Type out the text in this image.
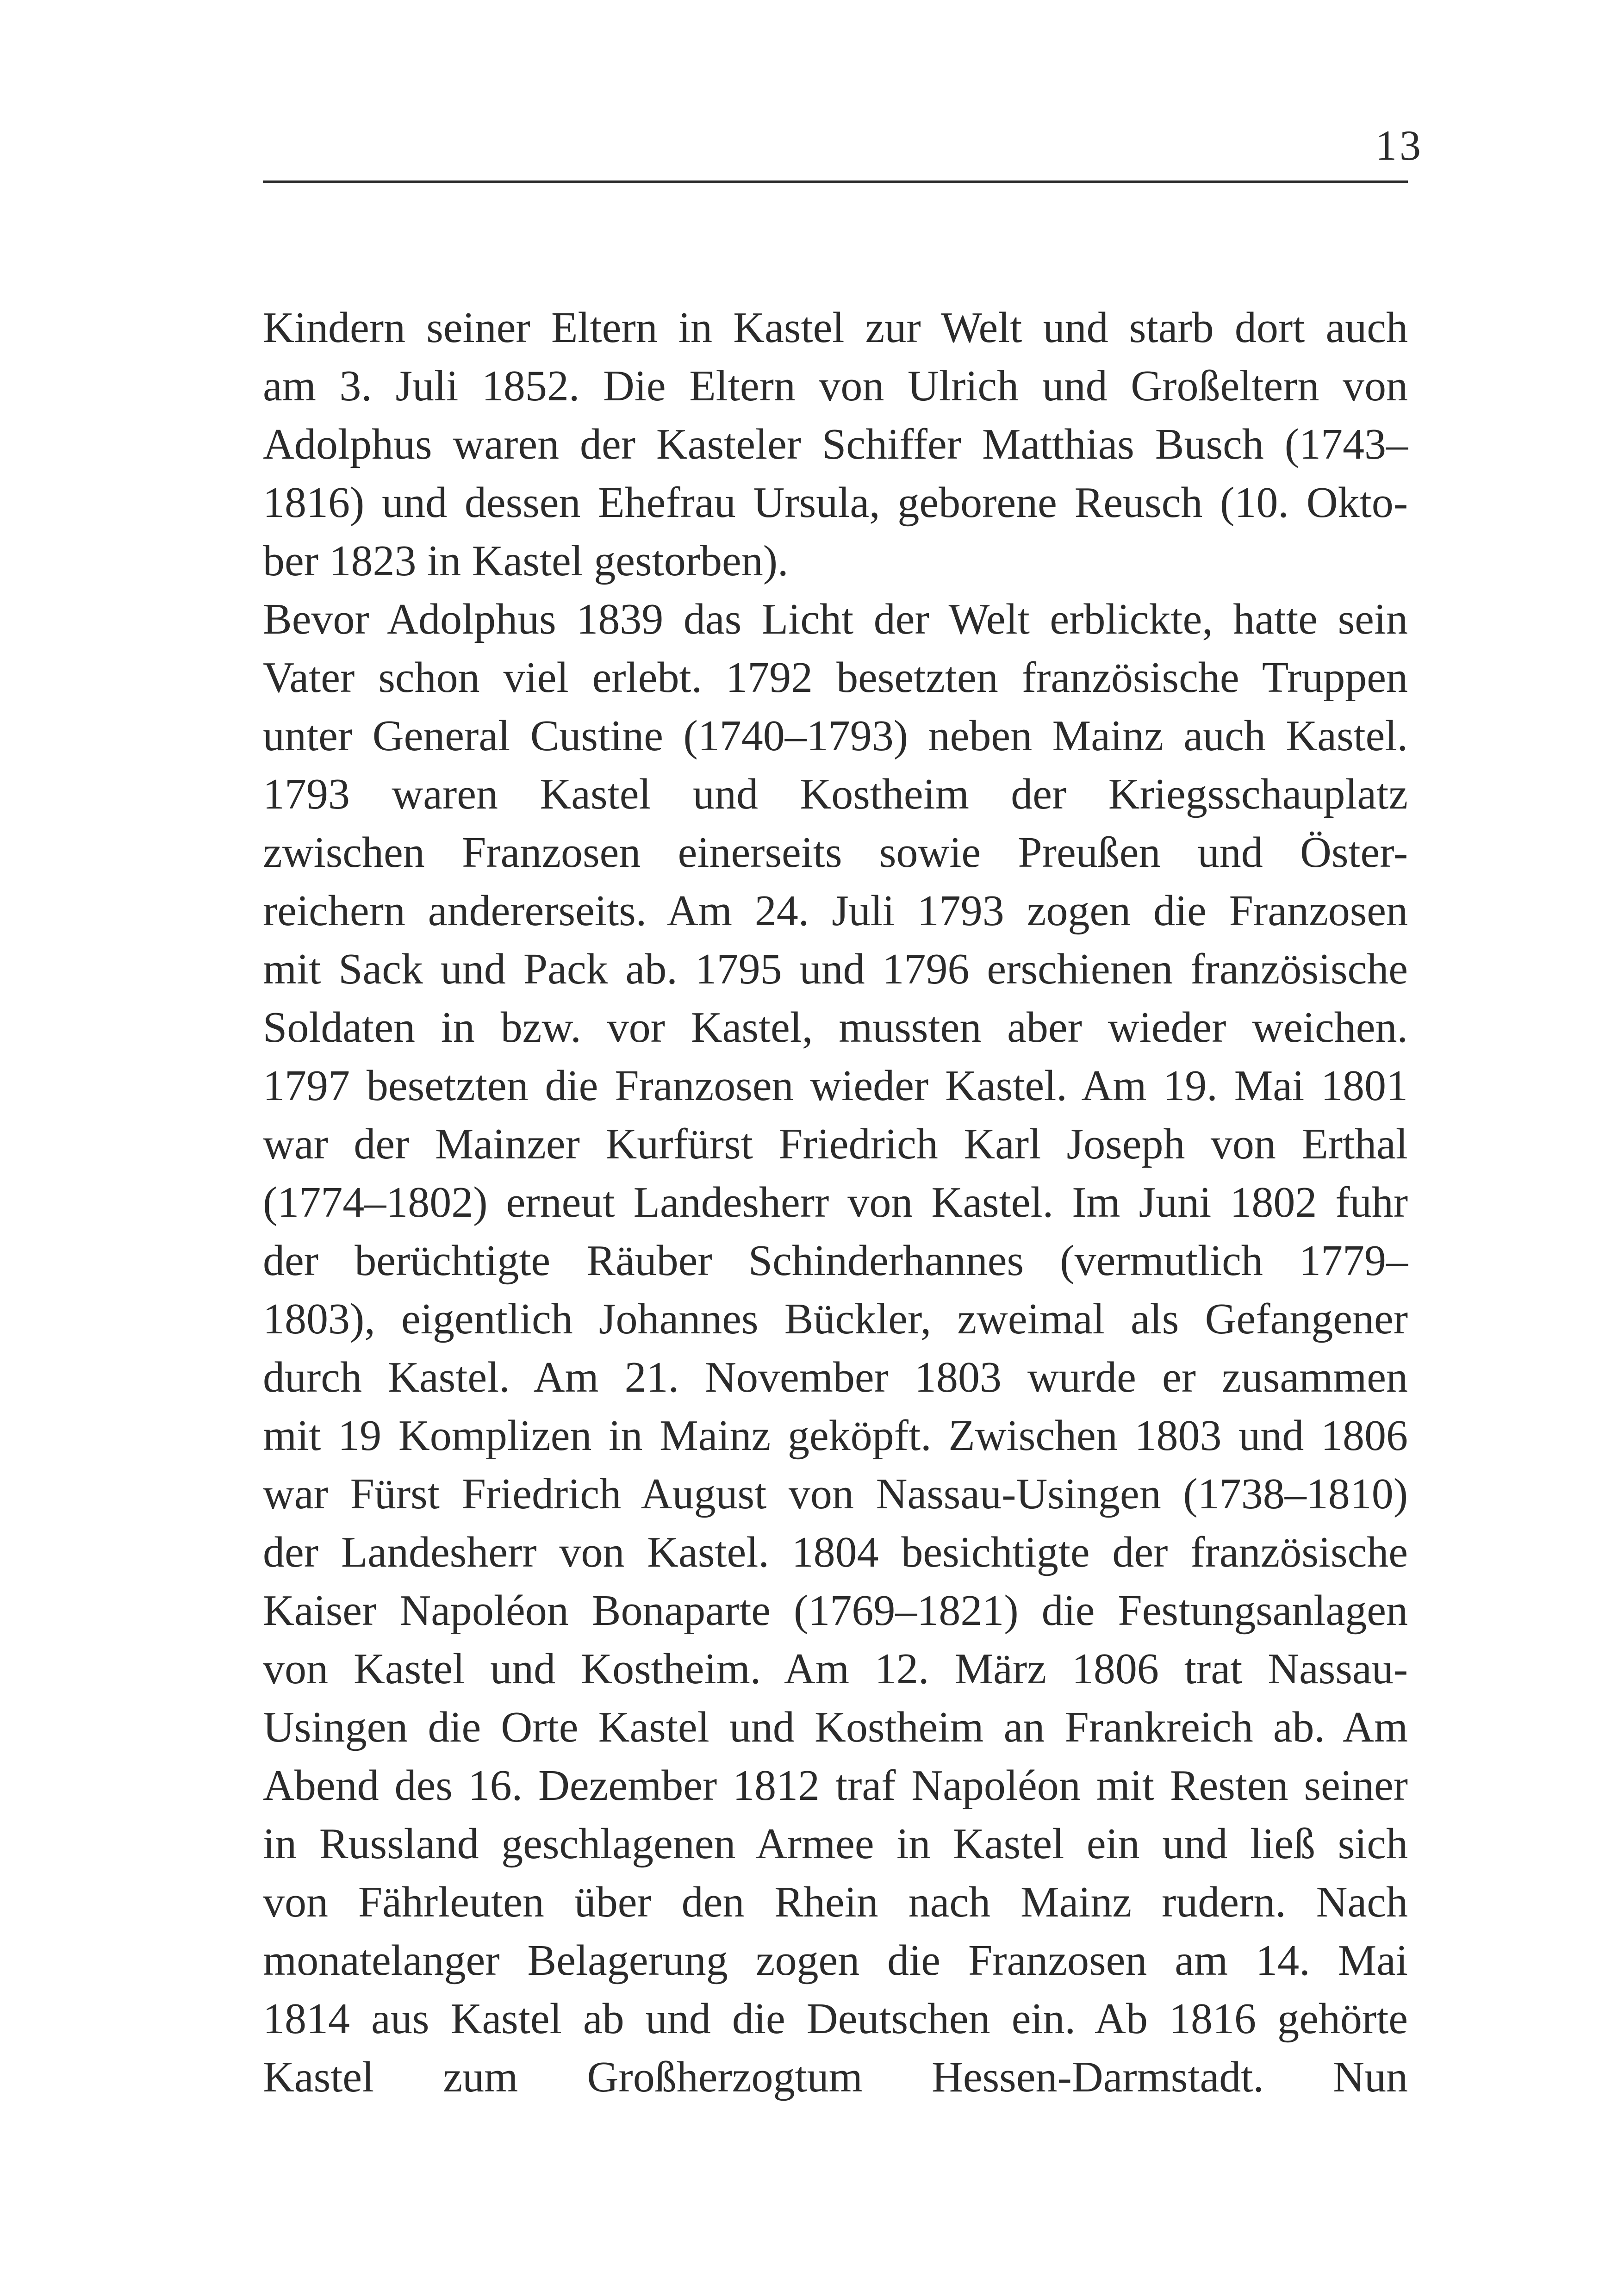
13
Kindern seiner Eltern in Kastel zur Welt und starb dort auch
am 3. Juli 1852. Die Eltern von Ulrich und Großeltern von
Adolphus waren der Kasteler Schiffer Matthias Busch (1743–
1816) und dessen Ehefrau Ursula, geborene Reusch (10. Okto-
ber 1823 in Kastel gestorben).
Bevor Adolphus 1839 das Licht der Welt erblickte, hatte sein
Vater schon viel erlebt. 1792 besetzten französische Truppen
unter General Custine (1740–1793) neben Mainz auch Kastel.
1793 waren Kastel und Kostheim der Kriegsschauplatz
zwischen Franzosen einerseits sowie Preußen und Öster-
reichern andererseits. Am 24. Juli 1793 zogen die Franzosen
mit Sack und Pack ab. 1795 und 1796 erschienen französische
Soldaten in bzw. vor Kastel, mussten aber wieder weichen.
1797 besetzten die Franzosen wieder Kastel. Am 19. Mai 1801
war der Mainzer Kurfürst Friedrich Karl Joseph von Erthal
(1774–1802) erneut Landesherr von Kastel. Im Juni 1802 fuhr
der berüchtigte Räuber Schinderhannes (vermutlich 1779–
1803), eigentlich Johannes Bückler, zweimal als Gefangener
durch Kastel. Am 21. November 1803 wurde er zusammen
mit 19 Komplizen in Mainz geköpft. Zwischen 1803 und 1806
war Fürst Friedrich August von Nassau-Usingen (1738–1810)
der Landesherr von Kastel. 1804 besichtigte der französische
Kaiser Napoléon Bonaparte (1769–1821) die Festungsanlagen
von Kastel und Kostheim. Am 12. März 1806 trat Nassau-
Usingen die Orte Kastel und Kostheim an Frankreich ab. Am
Abend des 16. Dezember 1812 traf Napoléon mit Resten seiner
in Russland geschlagenen Armee in Kastel ein und ließ sich
von Fährleuten über den Rhein nach Mainz rudern. Nach
monatelanger Belagerung zogen die Franzosen am 14. Mai
1814 aus Kastel ab und die Deutschen ein. Ab 1816 gehörte
Kastel zum Großherzogtum Hessen-Darmstadt. Nun
